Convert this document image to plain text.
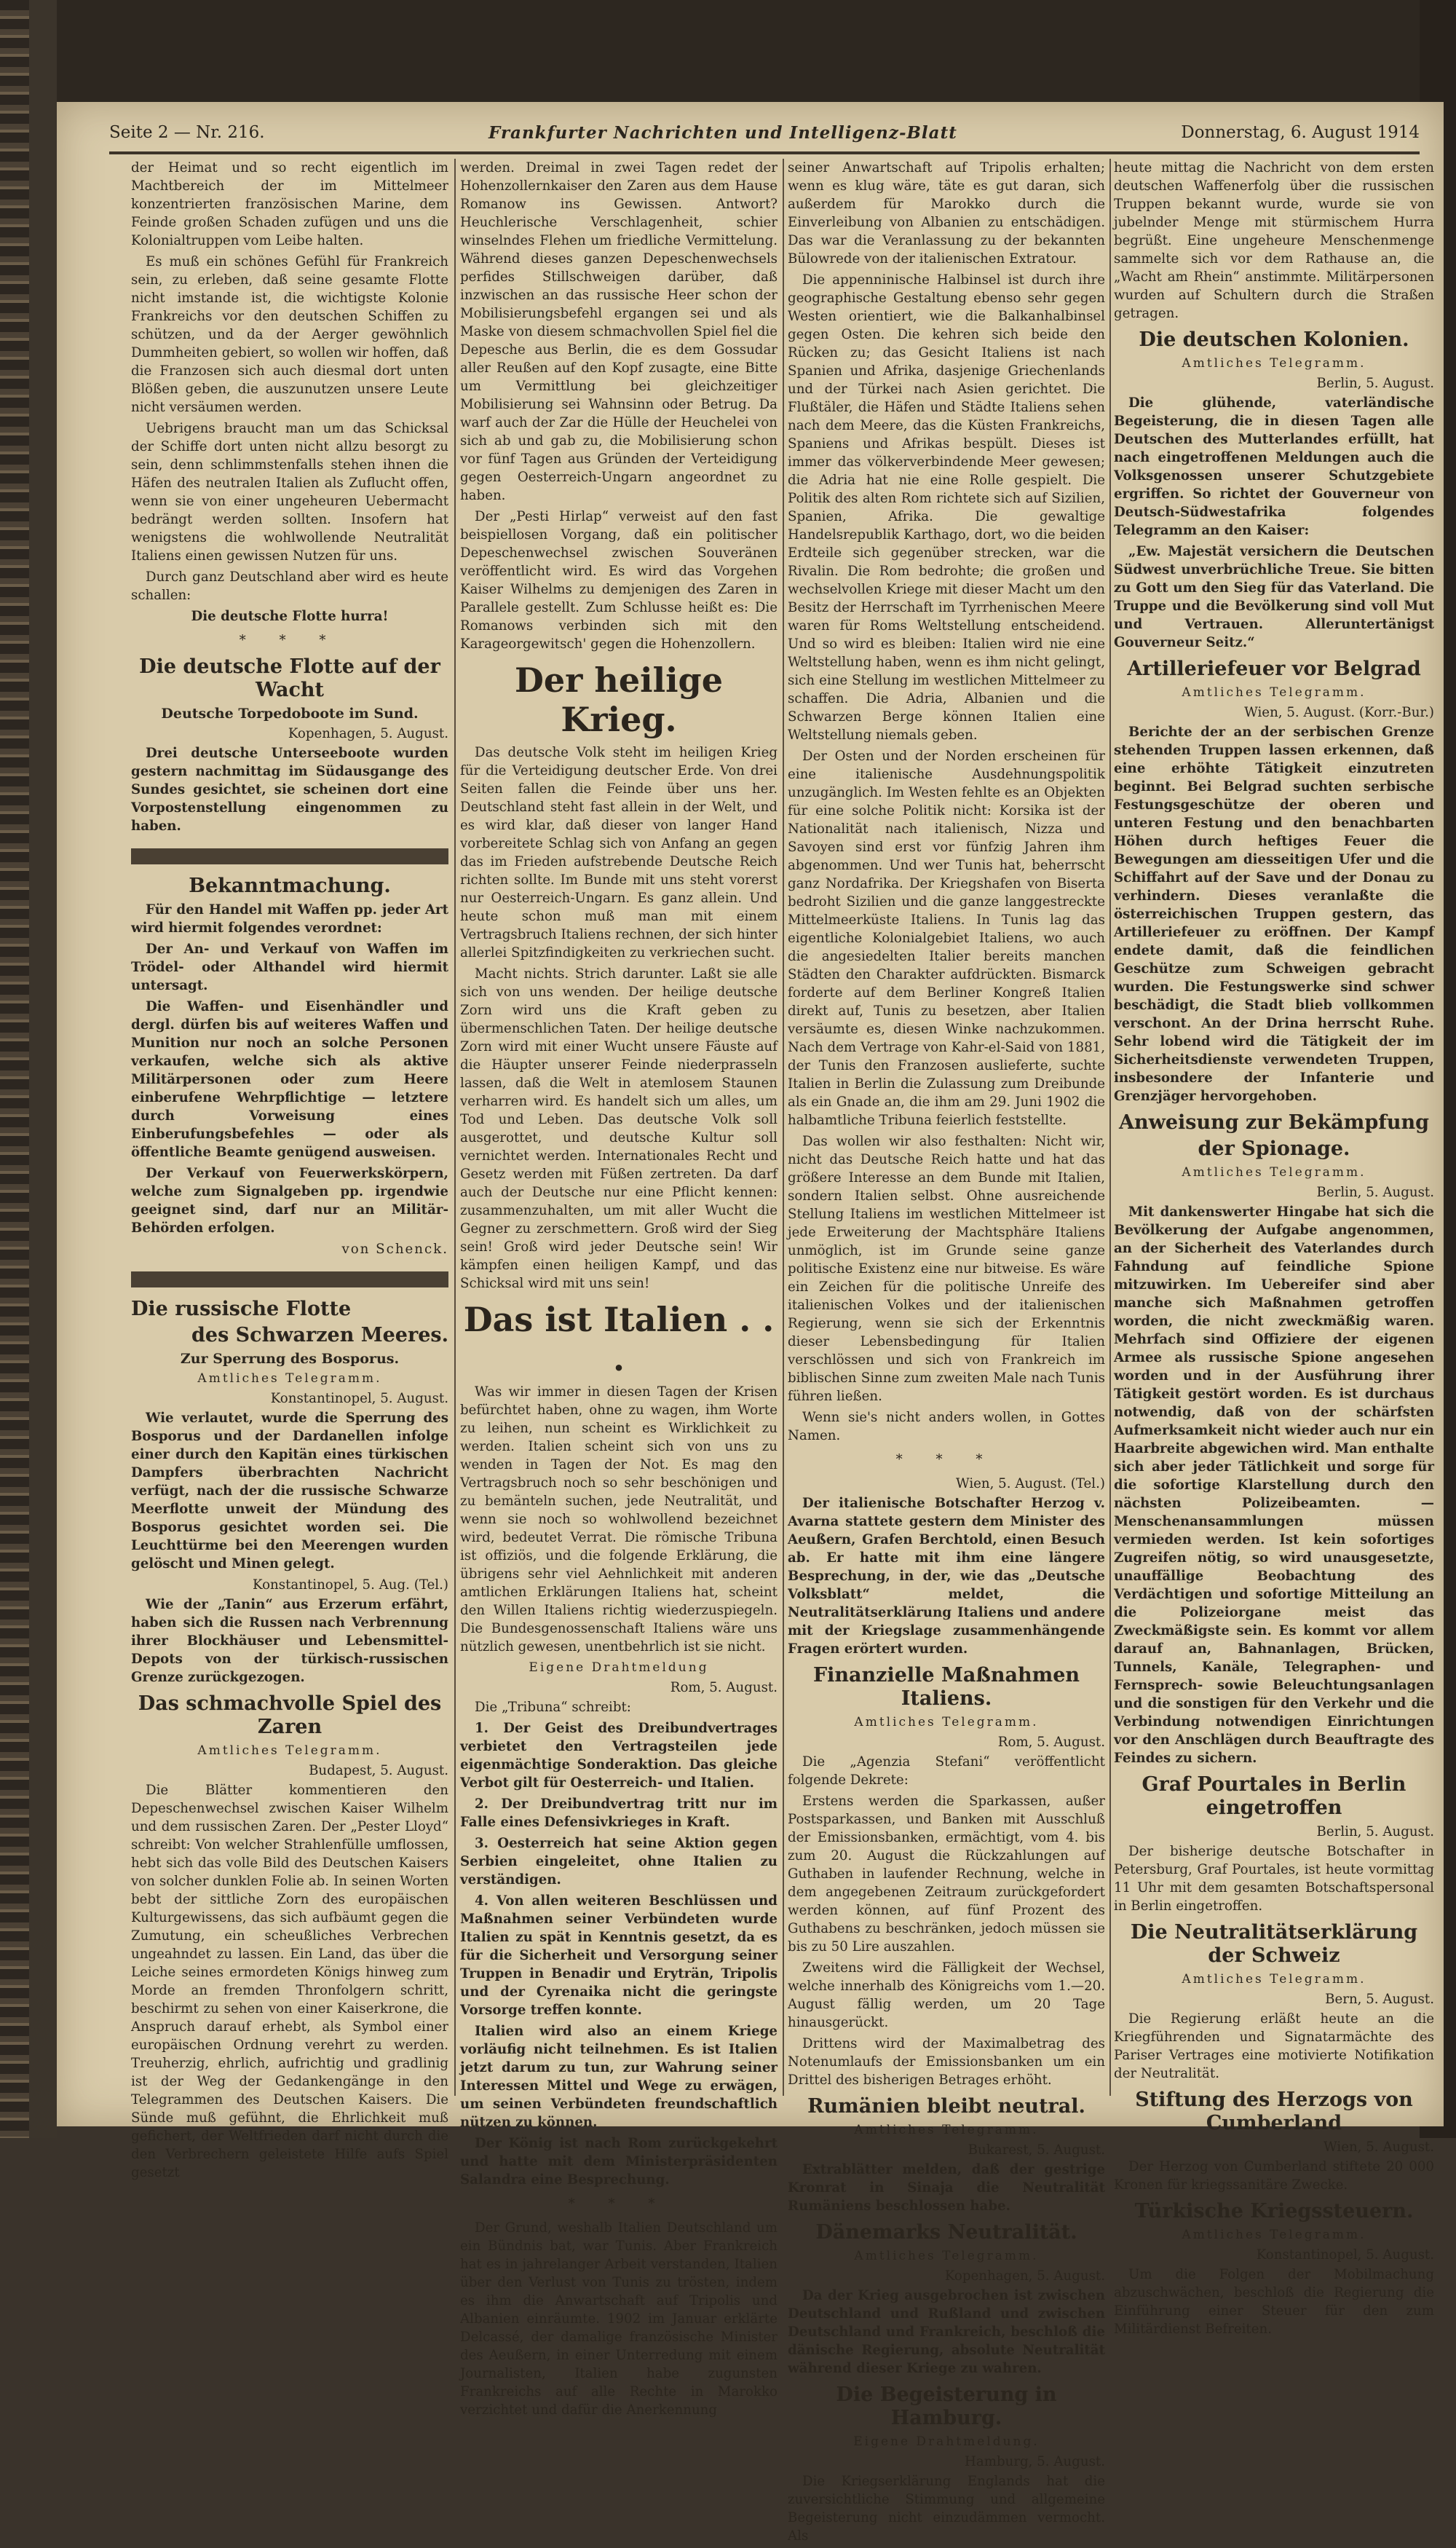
Seite 2 — Nr. 216.	Frankfurter Nachrichten und Intelligenz-Blatt	Donnerstag, 6. August 1914

der Heimat und so recht eigentlich im Machtbereich der im Mittelmeer konzentrierten französischen Marine, dem Feinde großen Schaden zufügen und uns die Kolonialtruppen vom Leibe halten.

Es muß ein schönes Gefühl für Frankreich sein, zu erleben, daß seine gesamte Flotte nicht imstande ist, die wichtigste Kolonie Frankreichs vor den deutschen Schiffen zu schützen, und da der Aerger gewöhnlich Dummheiten gebiert, so wollen wir hoffen, daß die Franzosen sich auch diesmal dort unten Blößen geben, die auszunutzen unsere Leute nicht versäumen werden.

Uebrigens braucht man um das Schicksal der Schiffe dort unten nicht allzu besorgt zu sein, denn schlimmstenfalls stehen ihnen die Häfen des neutralen Italien als Zuflucht offen, wenn sie von einer ungeheuren Uebermacht bedrängt werden sollten. Insofern hat wenigstens die wohlwollende Neutralität Italiens einen gewissen Nutzen für uns.

Durch ganz Deutschland aber wird es heute schallen:

Die deutsche Flotte hurra!
* * *
Die deutsche Flotte auf der Wacht
Deutsche Torpedoboote im Sund.
Kopenhagen, 5. August.

Drei deutsche Unterseeboote wurden gestern nachmittag im Südausgange des Sundes gesichtet, sie scheinen dort eine Vorpostenstellung eingenommen zu haben.

Bekanntmachung.

Für den Handel mit Waffen pp. jeder Art wird hiermit folgendes verordnet:

Der An- und Verkauf von Waffen im Trödel- oder Althandel wird hiermit untersagt.

Die Waffen- und Eisenhändler und dergl. dürfen bis auf weiteres Waffen und Munition nur noch an solche Personen verkaufen, welche sich als aktive Militärpersonen oder zum Heere einberufene Wehrpflichtige — letztere durch Vorweisung eines Einberufungsbefehles — oder als öffentliche Beamte genügend ausweisen.

Der Verkauf von Feuerwerkskörpern, welche zum Signalgeben pp. irgendwie geeignet sind, darf nur an Militär-Behörden erfolgen.

von Schenck.
Die russische Flotte
des Schwarzen Meeres.
Zur Sperrung des Bosporus.
Amtliches Telegramm.
Konstantinopel, 5. August.

Wie verlautet, wurde die Sperrung des Bosporus und der Dardanellen infolge einer durch den Kapitän eines türkischen Dampfers überbrachten Nachricht verfügt, nach der die russische Schwarze Meerflotte unweit der Mündung des Bosporus gesichtet worden sei. Die Leuchttürme bei den Meerengen wurden gelöscht und Minen gelegt.

Konstantinopel, 5. Aug. (Tel.)

Wie der „Tanin“ aus Erzerum erfährt, haben sich die Russen nach Verbrennung ihrer Blockhäuser und Lebensmittel-Depots von der türkisch-russischen Grenze zurückgezogen.

Das schmachvolle Spiel des Zaren
Amtliches Telegramm.
Budapest, 5. August.

Die Blätter kommentieren den Depeschenwechsel zwischen Kaiser Wilhelm und dem russischen Zaren. Der „Pester Lloyd“ schreibt: Von welcher Strahlenfülle umflossen, hebt sich das volle Bild des Deutschen Kaisers von solcher dunklen Folie ab. In seinen Worten bebt der sittliche Zorn des europäischen Kulturgewissens, das sich aufbäumt gegen die Zumutung, ein scheußliches Verbrechen ungeahndet zu lassen. Ein Land, das über die Leiche seines ermordeten Königs hinweg zum Morde an fremden Thronfolgern schritt, beschirmt zu sehen von einer Kaiserkrone, die Anspruch darauf erhebt, als Symbol einer europäischen Ordnung verehrt zu werden. Treuherzig, ehrlich, aufrichtig und gradlinig ist der Weg der Gedankengänge in den Telegrammen des Deutschen Kaisers. Die Sünde muß gefühnt, die Ehrlichkeit muß gefichert, der Weltfrieden darf nicht durch die den Verbrechern geleistete Hilfe aufs Spiel gesetzt

werden. Dreimal in zwei Tagen redet der Hohenzollernkaiser den Zaren aus dem Hause Romanow ins Gewissen. Antwort? Heuchlerische Verschlagenheit, schier winselndes Flehen um friedliche Vermittelung. Während dieses ganzen Depeschenwechsels perfides Stillschweigen darüber, daß inzwischen an das russische Heer schon der Mobilisierungsbefehl ergangen sei und als Maske von diesem schmachvollen Spiel fiel die Depesche aus Berlin, die es dem Gossudar aller Reußen auf den Kopf zusagte, eine Bitte um Vermittlung bei gleichzeitiger Mobilisierung sei Wahnsinn oder Betrug. Da warf auch der Zar die Hülle der Heuchelei von sich ab und gab zu, die Mobilisierung schon vor fünf Tagen aus Gründen der Verteidigung gegen Oesterreich-Ungarn angeordnet zu haben.

Der „Pesti Hirlap“ verweist auf den fast beispiellosen Vorgang, daß ein politischer Depeschenwechsel zwischen Souveränen veröffentlicht wird. Es wird das Vorgehen Kaiser Wilhelms zu demjenigen des Zaren in Parallele gestellt. Zum Schlusse heißt es: Die Romanows verbinden sich mit den Karageorgewitsch' gegen die Hohenzollern.

Der heilige Krieg.

Das deutsche Volk steht im heiligen Krieg für die Verteidigung deutscher Erde. Von drei Seiten fallen die Feinde über uns her. Deutschland steht fast allein in der Welt, und es wird klar, daß dieser von langer Hand vorbereitete Schlag sich von Anfang an gegen das im Frieden aufstrebende Deutsche Reich richten sollte. Im Bunde mit uns steht vorerst nur Oesterreich-Ungarn. Es ganz allein. Und heute schon muß man mit einem Vertragsbruch Italiens rechnen, der sich hinter allerlei Spitzfindigkeiten zu verkriechen sucht.

Macht nichts. Strich darunter. Laßt sie alle sich von uns wenden. Der heilige deutsche Zorn wird uns die Kraft geben zu übermenschlichen Taten. Der heilige deutsche Zorn wird mit einer Wucht unsere Fäuste auf die Häupter unserer Feinde niederprasseln lassen, daß die Welt in atemlosem Staunen verharren wird. Es handelt sich um alles, um Tod und Leben. Das deutsche Volk soll ausgerottet, und deutsche Kultur soll vernichtet werden. Internationales Recht und Gesetz werden mit Füßen zertreten. Da darf auch der Deutsche nur eine Pflicht kennen: zusammenzuhalten, um mit aller Wucht die Gegner zu zerschmettern. Groß wird der Sieg sein! Groß wird jeder Deutsche sein! Wir kämpfen einen heiligen Kampf, und das Schicksal wird mit uns sein!

Das ist Italien . . .

Was wir immer in diesen Tagen der Krisen befürchtet haben, ohne zu wagen, ihm Worte zu leihen, nun scheint es Wirklichkeit zu werden. Italien scheint sich von uns zu wenden in Tagen der Not. Es mag den Vertragsbruch noch so sehr beschönigen und zu bemänteln suchen, jede Neutralität, und wenn sie noch so wohlwollend bezeichnet wird, bedeutet Verrat. Die römische Tribuna ist offiziös, und die folgende Erklärung, die übrigens sehr viel Aehnlichkeit mit anderen amtlichen Erklärungen Italiens hat, scheint den Willen Italiens richtig wiederzuspiegeln. Die Bundesgenossenschaft Italiens wäre uns nützlich gewesen, unentbehrlich ist sie nicht.

Eigene Drahtmeldung
Rom, 5. August.

Die „Tribuna“ schreibt:

1. Der Geist des Dreibundvertrages verbietet den Vertragsteilen jede eigenmächtige Sonderaktion. Das gleiche Verbot gilt für Oesterreich- und Italien.

2. Der Dreibundvertrag tritt nur im Falle eines Defensivkrieges in Kraft.

3. Oesterreich hat seine Aktion gegen Serbien eingeleitet, ohne Italien zu verständigen.

4. Von allen weiteren Beschlüssen und Maßnahmen seiner Verbündeten wurde Italien zu spät in Kenntnis gesetzt, da es für die Sicherheit und Versorgung seiner Truppen in Benadir und Eryträn, Tripolis und der Cyrenaika nicht die geringste Vorsorge treffen konnte.

Italien wird also an einem Kriege vorläufig nicht teilnehmen. Es ist Italien jetzt darum zu tun, zur Wahrung seiner Interessen Mittel und Wege zu erwägen, um seinen Verbündeten freundschaftlich nützen zu können.

Der König ist nach Rom zurückgekehrt und hatte mit dem Ministerpräsidenten Salandra eine Besprechung.

* * *

Der Grund, weshalb Italien Deutschland um ein Bündnis bat, war Tunis. Aber Frankreich hat es in jahrelanger Arbeit verstanden, Italien über den Verlust von Tunis zu trösten, indem es ihm die Anwartschaft auf Tripolis und Albanien einräumte. 1902 im Januar erklärte Delcassé, der damalige französische Minister des Aeußern, in einer Unterredung mit einem Journalisten, Italien habe zugunsten Frankreichs auf alle Rechte in Marokko verzichtet und dafür die Anerkennung

seiner Anwartschaft auf Tripolis erhalten; wenn es klug wäre, täte es gut daran, sich außerdem für Marokko durch die Einverleibung von Albanien zu entschädigen. Das war die Veranlassung zu der bekannten Bülowrede von der italienischen Extratour.

Die appenninische Halbinsel ist durch ihre geographische Gestaltung ebenso sehr gegen Westen orientiert, wie die Balkanhalbinsel gegen Osten. Die kehren sich beide den Rücken zu; das Gesicht Italiens ist nach Spanien und Afrika, dasjenige Griechenlands und der Türkei nach Asien gerichtet. Die Flußtäler, die Häfen und Städte Italiens sehen nach dem Meere, das die Küsten Frankreichs, Spaniens und Afrikas bespült. Dieses ist immer das völkerverbindende Meer gewesen; die Adria hat nie eine Rolle gespielt. Die Politik des alten Rom richtete sich auf Sizilien, Spanien, Afrika. Die gewaltige Handelsrepublik Karthago, dort, wo die beiden Erdteile sich gegenüber strecken, war die Rivalin. Die Rom bedrohte; die großen und wechselvollen Kriege mit dieser Macht um den Besitz der Herrschaft im Tyrrhenischen Meere waren für Roms Weltstellung entscheidend. Und so wird es bleiben: Italien wird nie eine Weltstellung haben, wenn es ihm nicht gelingt, sich eine Stellung im westlichen Mittelmeer zu schaffen. Die Adria, Albanien und die Schwarzen Berge können Italien eine Weltstellung niemals geben.

Der Osten und der Norden erscheinen für eine italienische Ausdehnungspolitik unzugänglich. Im Westen fehlte es an Objekten für eine solche Politik nicht: Korsika ist der Nationalität nach italienisch, Nizza und Savoyen sind erst vor fünfzig Jahren ihm abgenommen. Und wer Tunis hat, beherrscht ganz Nordafrika. Der Kriegshafen von Biserta bedroht Sizilien und die ganze langgestreckte Mittelmeerküste Italiens. In Tunis lag das eigentliche Kolonialgebiet Italiens, wo auch die angesiedelten Italier bereits manchen Städten den Charakter aufdrückten. Bismarck forderte auf dem Berliner Kongreß Italien direkt auf, Tunis zu besetzen, aber Italien versäumte es, diesen Winke nachzukommen. Nach dem Vertrage von Kahr-el-Said von 1881, der Tunis den Franzosen auslieferte, suchte Italien in Berlin die Zulassung zum Dreibunde als ein Gnade an, die ihm am 29. Juni 1902 die halbamtliche Tribuna feierlich feststellte.

Das wollen wir also festhalten: Nicht wir, nicht das Deutsche Reich hatte und hat das größere Interesse an dem Bunde mit Italien, sondern Italien selbst. Ohne ausreichende Stellung Italiens im westlichen Mittelmeer ist jede Erweiterung der Machtsphäre Italiens unmöglich, ist im Grunde seine ganze politische Existenz eine nur bitweise. Es wäre ein Zeichen für die politische Unreife des italienischen Volkes und der italienischen Regierung, wenn sie sich der Erkenntnis dieser Lebensbedingung für Italien verschlössen und sich von Frankreich im biblischen Sinne zum zweiten Male nach Tunis führen ließen.

Wenn sie's nicht anders wollen, in Gottes Namen.

* * *
Wien, 5. August. (Tel.)

Der italienische Botschafter Herzog v. Avarna stattete gestern dem Minister des Aeußern, Grafen Berchtold, einen Besuch ab. Er hatte mit ihm eine längere Besprechung, in der, wie das „Deutsche Volksblatt“ meldet, die Neutralitätserklärung Italiens und andere mit der Kriegslage zusammenhängende Fragen erörtert wurden.

Finanzielle Maßnahmen Italiens.
Amtliches Telegramm.
Rom, 5. August.

Die „Agenzia Stefani“ veröffentlicht folgende Dekrete:

Erstens werden die Sparkassen, außer Postsparkassen, und Banken mit Ausschluß der Emissionsbanken, ermächtigt, vom 4. bis zum 20. August die Rückzahlungen auf Guthaben in laufender Rechnung, welche in dem angegebenen Zeitraum zurückgefordert werden können, auf fünf Prozent des Guthabens zu beschränken, jedoch müssen sie bis zu 50 Lire auszahlen.

Zweitens wird die Fälligkeit der Wechsel, welche innerhalb des Königreichs vom 1.—20. August fällig werden, um 20 Tage hinausgerückt.

Drittens wird der Maximalbetrag des Notenumlaufs der Emissionsbanken um ein Drittel des bisherigen Betrages erhöht.

Rumänien bleibt neutral.
Amtliches Telegramm.
Bukarest, 5. August.

Extrablätter melden, daß der gestrige Kronrat in Sinaja die Neutralität Rumäniens beschlossen habe.

Dänemarks Neutralität.
Amtliches Telegramm.
Kopenhagen, 5. August.

Da der Krieg ausgebrochen ist zwischen Deutschland und Rußland und zwischen Deutschland und Frankreich, beschloß die dänische Regierung, absolute Neutralität während dieser Kriege zu wahren.

Die Begeisterung in Hamburg.
Eigene Drahtmeldung.
Hamburg, 5. August.

Die Kriegserklärung Englands hat die zuversichtliche Stimmung und allgemeine Begeisterung nicht einzudämmen vermocht. Als

heute mittag die Nachricht von dem ersten deutschen Waffenerfolg über die russischen Truppen bekannt wurde, wurde sie von jubelnder Menge mit stürmischem Hurra begrüßt. Eine ungeheure Menschenmenge sammelte sich vor dem Rathause an, die „Wacht am Rhein“ anstimmte. Militärpersonen wurden auf Schultern durch die Straßen getragen.

Die deutschen Kolonien.
Amtliches Telegramm.
Berlin, 5. August.

Die glühende, vaterländische Begeisterung, die in diesen Tagen alle Deutschen des Mutterlandes erfüllt, hat nach eingetroffenen Meldungen auch die Volksgenossen unserer Schutzgebiete ergriffen. So richtet der Gouverneur von Deutsch-Südwestafrika folgendes Telegramm an den Kaiser:

„Ew. Majestät versichern die Deutschen Südwest unverbrüchliche Treue. Sie bitten zu Gott um den Sieg für das Vaterland. Die Truppe und die Bevölkerung sind voll Mut und Vertrauen. Alleruntertänigst Gouverneur Seitz.“

Artilleriefeuer vor Belgrad
Amtliches Telegramm.
Wien, 5. August. (Korr.-Bur.)

Berichte der an der serbischen Grenze stehenden Truppen lassen erkennen, daß eine erhöhte Tätigkeit einzutreten beginnt. Bei Belgrad suchten serbische Festungsgeschütze der oberen und unteren Festung und den benachbarten Höhen durch heftiges Feuer die Bewegungen am diesseitigen Ufer und die Schiffahrt auf der Save und der Donau zu verhindern. Dieses veranlaßte die österreichischen Truppen gestern, das Artilleriefeuer zu eröffnen. Der Kampf endete damit, daß die feindlichen Geschütze zum Schweigen gebracht wurden. Die Festungswerke sind schwer beschädigt, die Stadt blieb vollkommen verschont. An der Drina herrscht Ruhe. Sehr lobend wird die Tätigkeit der im Sicherheitsdienste verwendeten Truppen, insbesondere der Infanterie und Grenzjäger hervorgehoben.

Anweisung zur Bekämpfung
der Spionage.
Amtliches Telegramm.
Berlin, 5. August.

Mit dankenswerter Hingabe hat sich die Bevölkerung der Aufgabe angenommen, an der Sicherheit des Vaterlandes durch Fahndung auf feindliche Spione mitzuwirken. Im Uebereifer sind aber manche sich Maßnahmen getroffen worden, die nicht zweckmäßig waren. Mehrfach sind Offiziere der eigenen Armee als russische Spione angesehen worden und in der Ausführung ihrer Tätigkeit gestört worden. Es ist durchaus notwendig, daß von der schärfsten Aufmerksamkeit nicht wieder auch nur ein Haarbreite abgewichen wird. Man enthalte sich aber jeder Tätlichkeit und sorge für die sofortige Klarstellung durch den nächsten Polizeibeamten. — Menschenansammlungen müssen vermieden werden. Ist kein sofortiges Zugreifen nötig, so wird unausgesetzte, unauffällige Beobachtung des Verdächtigen und sofortige Mitteilung an die Polizeiorgane meist das Zweckmäßigste sein. Es kommt vor allem darauf an, Bahnanlagen, Brücken, Tunnels, Kanäle, Telegraphen- und Fernsprech- sowie Beleuchtungsanlagen und die sonstigen für den Verkehr und die Verbindung notwendigen Einrichtungen vor den Anschlägen durch Beauftragte des Feindes zu sichern.

Graf Pourtales in Berlin eingetroffen
Berlin, 5. August.

Der bisherige deutsche Botschafter in Petersburg, Graf Pourtales, ist heute vormittag 11 Uhr mit dem gesamten Botschaftspersonal in Berlin eingetroffen.

Die Neutralitätserklärung der Schweiz
Amtliches Telegramm.
Bern, 5. August.

Die Regierung erläßt heute an die Kriegführenden und Signatarmächte des Pariser Vertrages eine motivierte Notifikation der Neutralität.

Stiftung des Herzogs von Cumberland
Wien, 5. August.

Der Herzog von Cumberland stiftete 20 000 Kronen für kriegssanitäre Zwecke.

Türkische Kriegssteuern.
Amtliches Telegramm.
Konstantinopel, 5. August.

Um die Folgen der Mobilmachung abzuschwächen, beschloß die Regierung die Einführung einer Steuer für den zum Militärdienst Befreiten.
